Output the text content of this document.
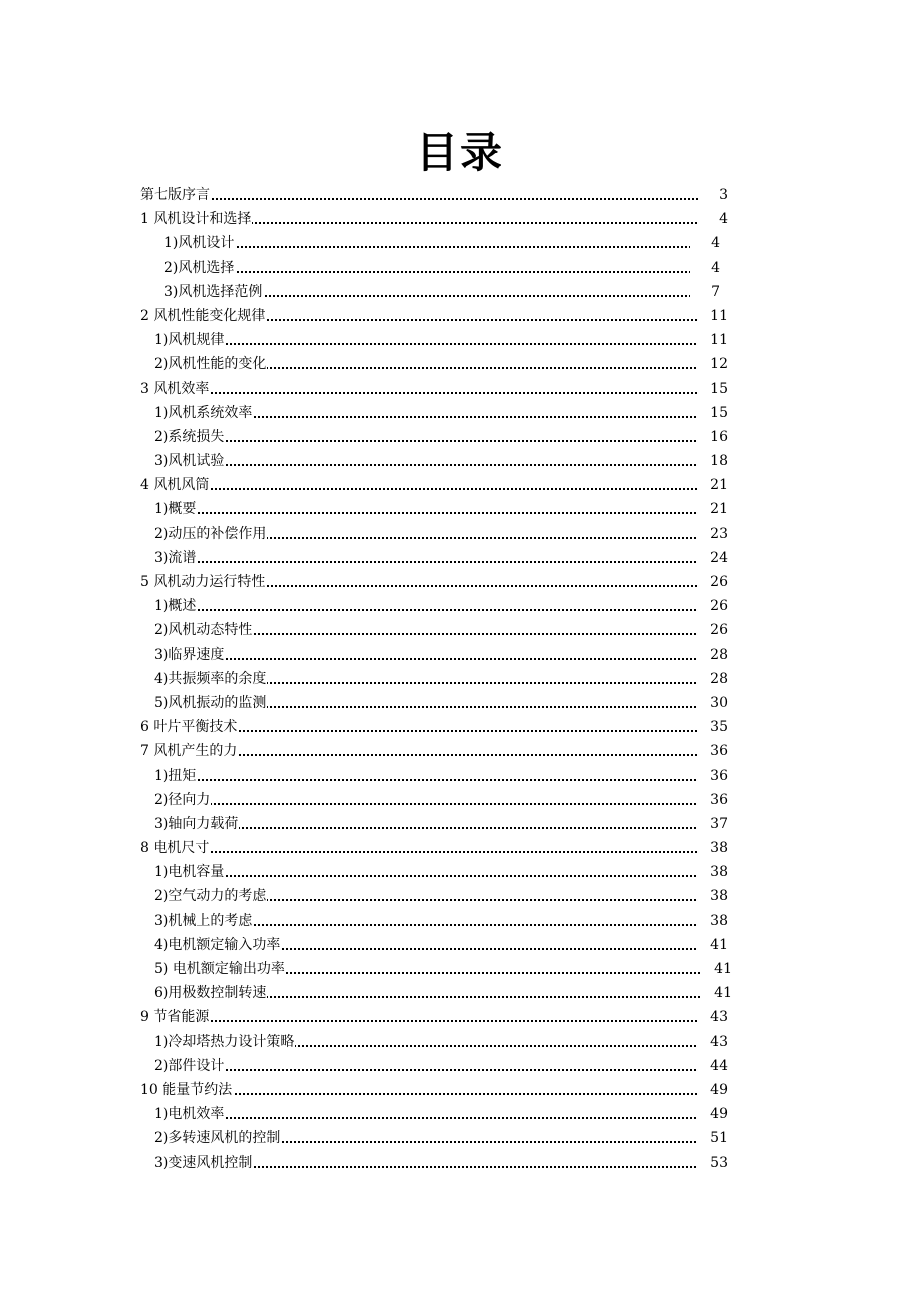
目录
第七版序言	3
1 风机设计和选择	4
1)风机设计	4
2)风机选择	4
3)风机选择范例	7
2 风机性能变化规律	11
1)风机规律	11
2)风机性能的变化	12
3 风机效率	15
1)风机系统效率	15
2)系统损失	16
3)风机试验	18
4 风机风筒	21
1)概要	21
2)动压的补偿作用	23
3)流谱	24
5 风机动力运行特性	26
1)概述	26
2)风机动态特性	26
3)临界速度	28
4)共振频率的余度	28
5)风机振动的监测	30
6 叶片平衡技术	35
7 风机产生的力	36
1)扭矩	36
2)径向力	36
3)轴向力载荷	37
8 电机尺寸	38
1)电机容量	38
2)空气动力的考虑	38
3)机械上的考虑	38
4)电机额定输入功率	41
5) 电机额定输出功率	41
6)用极数控制转速	41
9 节省能源	43
1)冷却塔热力设计策略	43
2)部件设计	44
10 能量节约法	49
1)电机效率	49
2)多转速风机的控制	51
3)变速风机控制	53
